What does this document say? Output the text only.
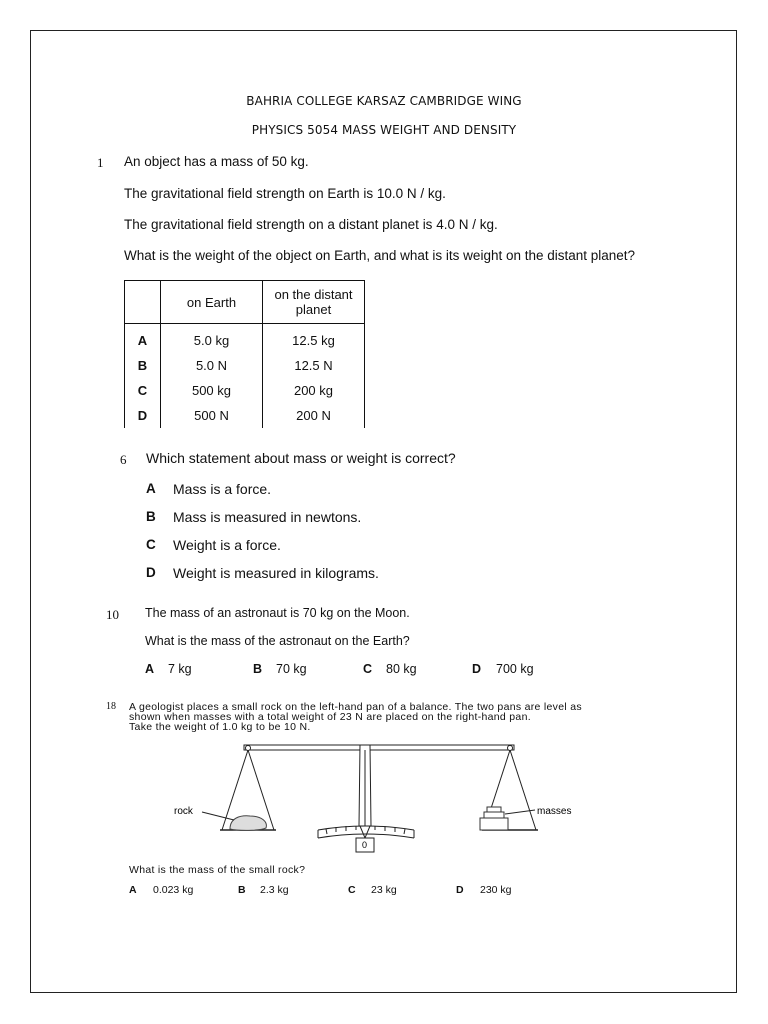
BAHRIA COLLEGE KARSAZ CAMBRIDGE WING
PHYSICS 5054 MASS WEIGHT AND DENSITY
1 An object has a mass of 50 kg.
The gravitational field strength on Earth is 10.0 N / kg.
The gravitational field strength on a distant planet is 4.0 N / kg.
What is the weight of the object on Earth, and what is its weight on the distant planet?
	on Earth	on the distant planet
A	5.0 kg	12.5 kg
B	5.0 N	12.5 N
C	500 kg	200 kg
D	500 N	200 N
6 Which statement about mass or weight is correct?
A Mass is a force.
B Mass is measured in newtons.
C Weight is a force.
D Weight is measured in kilograms.
10 The mass of an astronaut is 70 kg on the Moon.
What is the mass of the astronaut on the Earth?
A 7 kg	B 70 kg	C 80 kg	D 700 kg
18 A geologist places a small rock on the left-hand pan of a balance. The two pans are level as
shown when masses with a total weight of 23 N are placed on the right-hand pan.
Take the weight of 1.0 kg to be 10 N.
rock	masses
0
What is the mass of the small rock?
A 0.023 kg	B 2.3 kg	C 23 kg	D 230 kg
